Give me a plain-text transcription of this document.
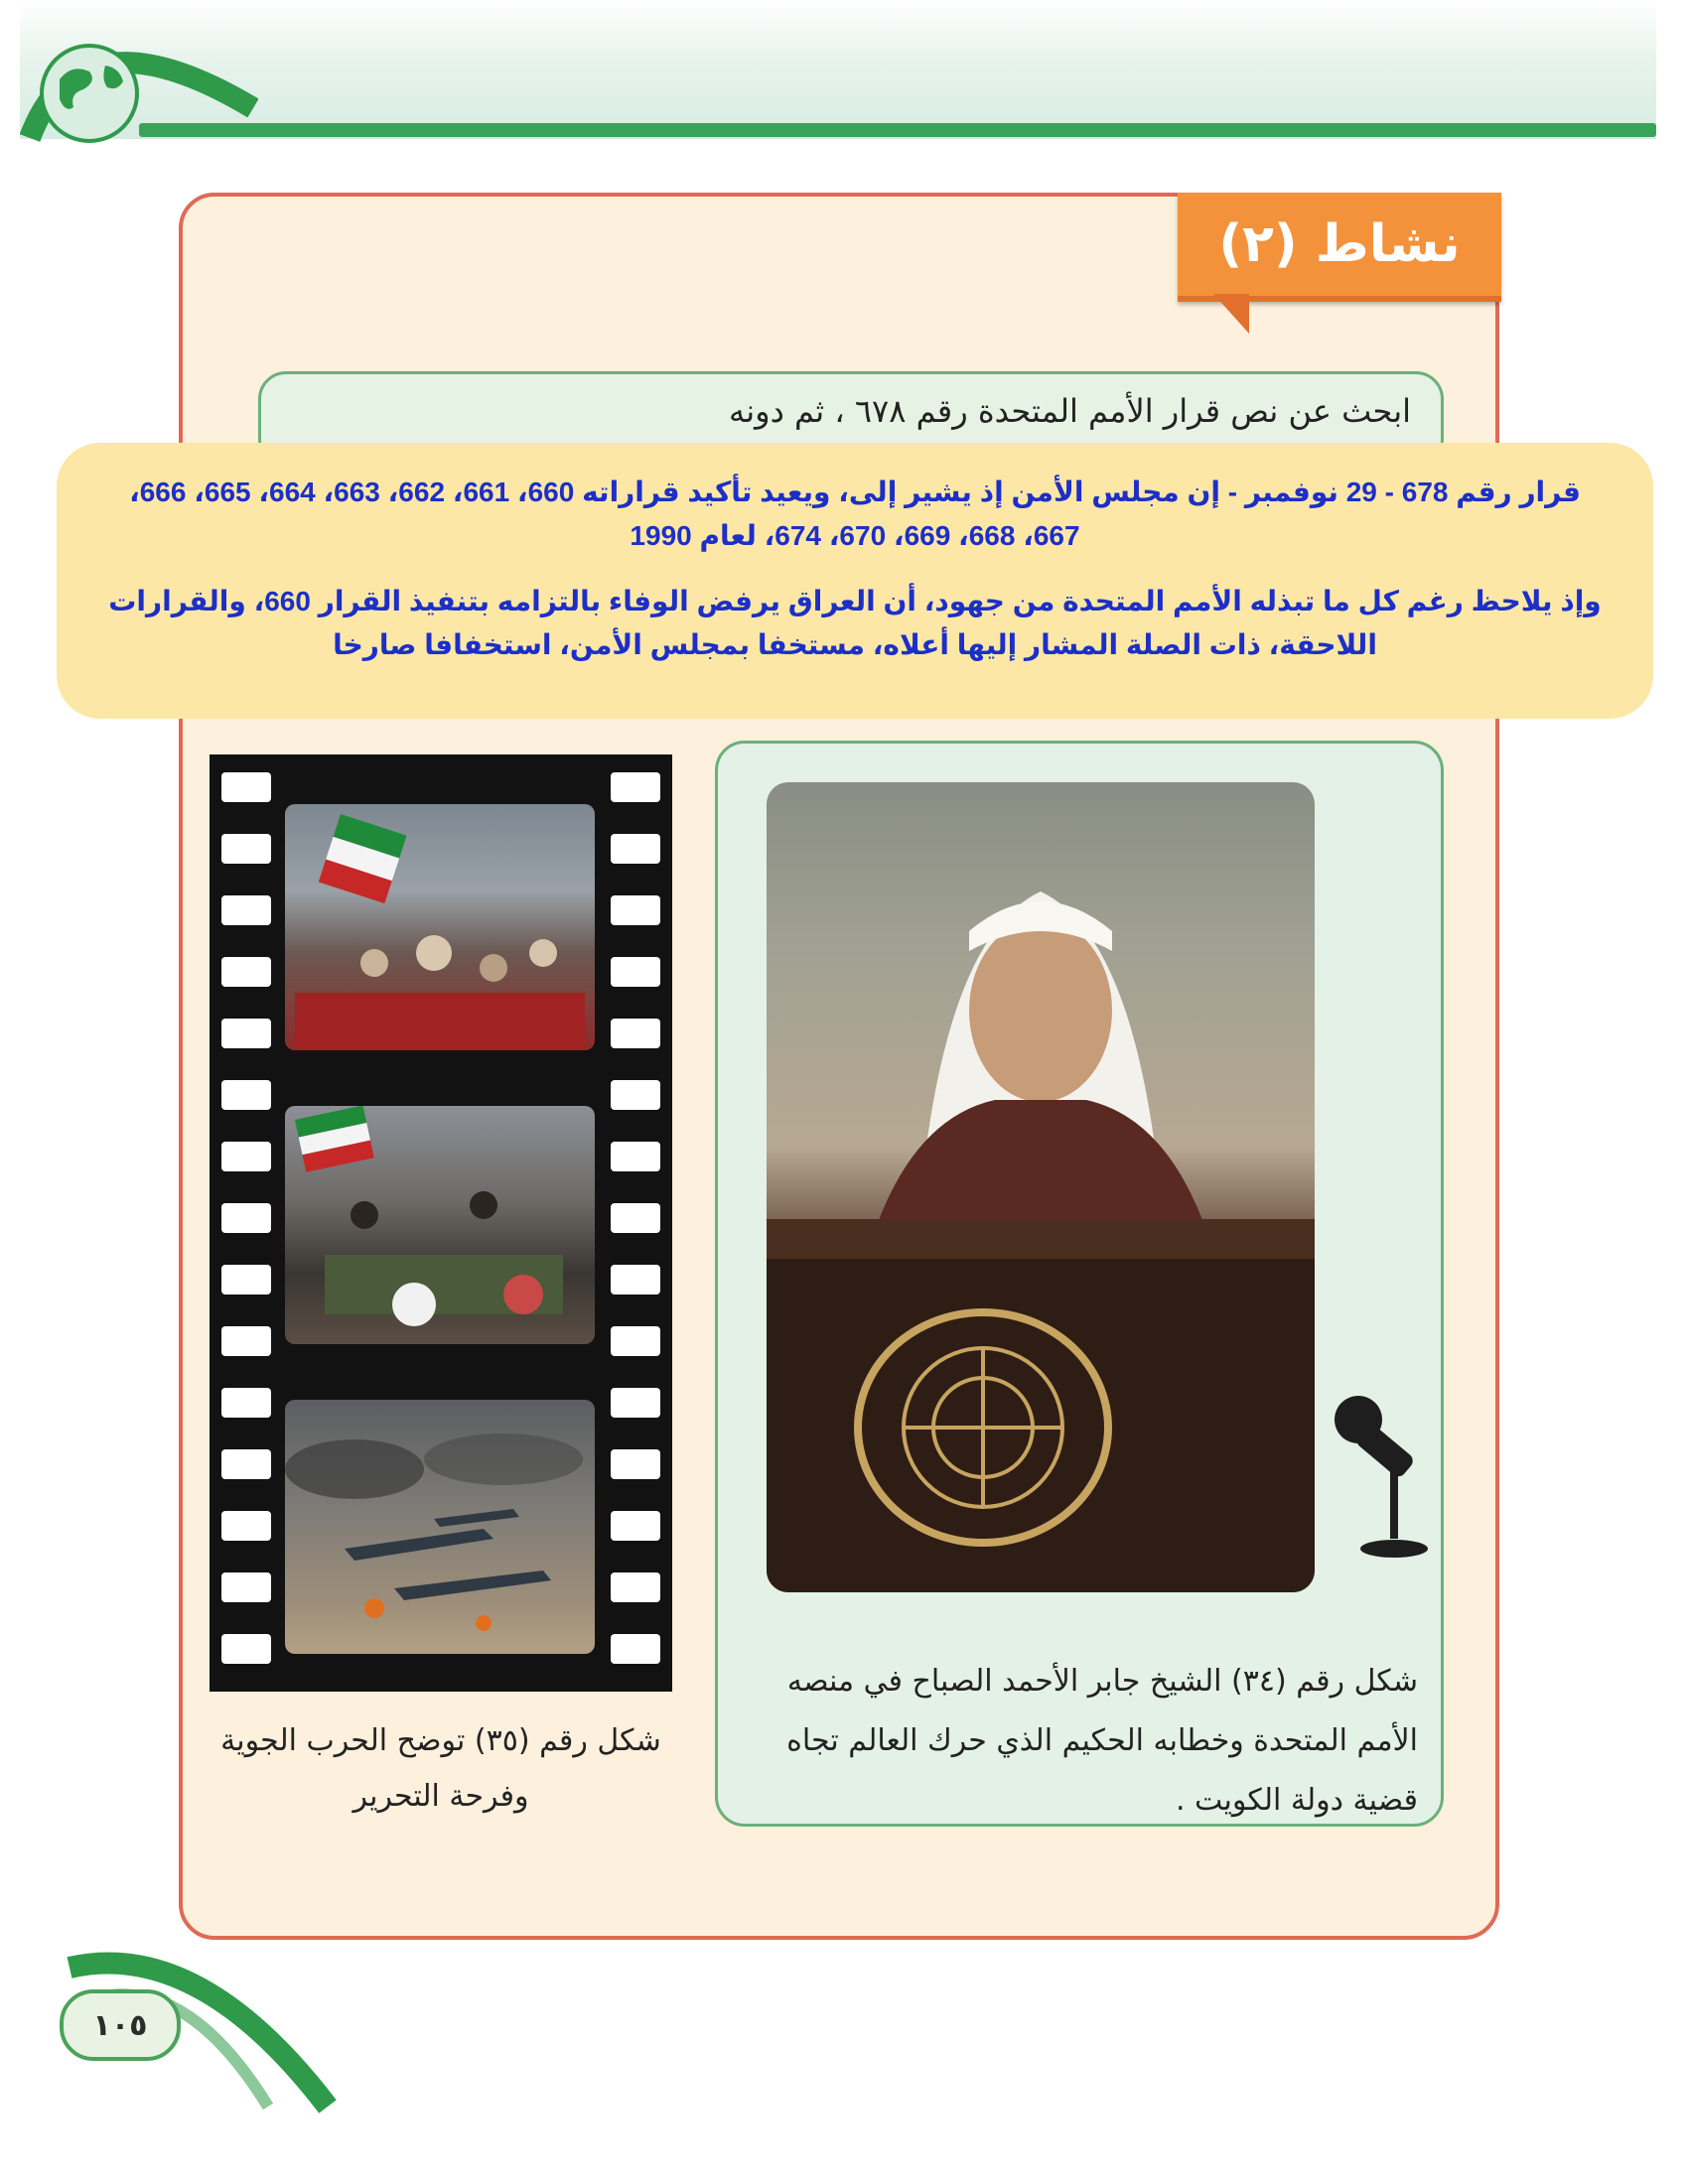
نشاط (٢)
ابحث عن نص قرار الأمم المتحدة رقم ٦٧٨ ، ثم دونه

قرار رقم 678 - 29 نوفمبر - إن مجلس الأمن إذ يشير إلى، ويعيد تأكيد قراراته 660، 661، 662، 663، 664، 665، 666، 667، 668، 669، 670، 674، لعام 1990

وإذ يلاحظ رغم كل ما تبذله الأمم المتحدة من جهود، أن العراق يرفض الوفاء بالتزامه بتنفيذ القرار 660، والقرارات اللاحقة، ذات الصلة المشار إليها أعلاه، مستخفا بمجلس الأمن، استخفافا صارخا

شكل رقم (٣٥) توضح الحرب الجوية وفرحة التحرير
شكل رقم (٣٤) الشيخ جابر الأحمد الصباح في منصه الأمم المتحدة وخطابه الحكيم الذي حرك العالم تجاه قضية دولة الكويت .
١٠٥
